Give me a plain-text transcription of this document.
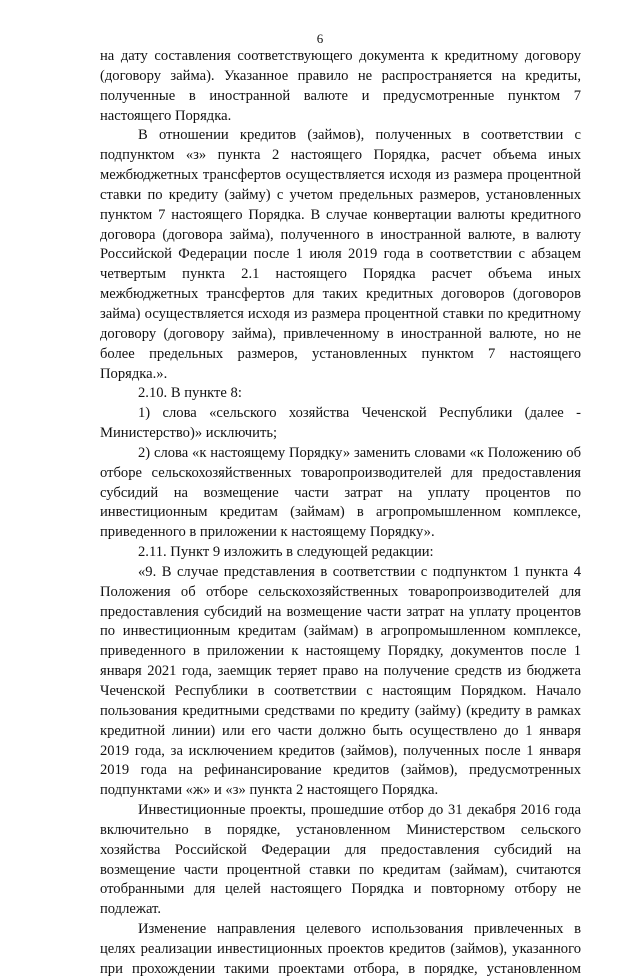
6

на дату составления соответствующего документа к кредитному договору (договору займа). Указанное правило не распространяется на кредиты, полученные в иностранной валюте и предусмотренные пунктом 7 настоящего Порядка.

В отношении кредитов (займов), полученных в соответствии с подпунктом «з» пункта 2 настоящего Порядка, расчет объема иных межбюджетных трансфертов осуществляется исходя из размера процентной ставки по кредиту (займу) с учетом предельных размеров, установленных пунктом 7 настоящего Порядка. В случае конвертации валюты кредитного договора (договора займа), полученного в иностранной валюте, в валюту Российской Федерации после 1 июля 2019 года в соответствии с абзацем четвертым пункта 2.1 настоящего Порядка расчет объема иных межбюджетных трансфертов для таких кредитных договоров (договоров займа) осуществляется исходя из размера процентной ставки по кредитному договору (договору займа), привлеченному в иностранной валюте, но не более предельных размеров, установленных пунктом 7 настоящего Порядка.».

2.10. В пункте 8:

1) слова «сельского хозяйства Чеченской Республики (далее - Министерство)» исключить;

2) слова «к настоящему Порядку» заменить словами «к Положению об отборе сельскохозяйственных товаропроизводителей для предоставления субсидий на возмещение части затрат на уплату процентов по инвестиционным кредитам (займам) в агропромышленном комплексе, приведенного в приложении к настоящему Порядку».

2.11. Пункт 9 изложить в следующей редакции:

«9. В случае представления в соответствии с подпунктом 1 пункта 4 Положения об отборе сельскохозяйственных товаропроизводителей для предоставления субсидий на возмещение части затрат на уплату процентов по инвестиционным кредитам (займам) в агропромышленном комплексе, приведенного в приложении к настоящему Порядку, документов после 1 января 2021 года, заемщик теряет право на получение средств из бюджета Чеченской Республики в соответствии с настоящим Порядком. Начало пользования кредитными средствами по кредиту (займу) (кредиту в рамках кредитной линии) или его части должно быть осуществлено до 1 января 2019 года, за исключением кредитов (займов), полученных после 1 января 2019 года на рефинансирование кредитов (займов), предусмотренных подпунктами «ж» и «з» пункта 2 настоящего Порядка.

Инвестиционные проекты, прошедшие отбор до 31 декабря 2016 года включительно в порядке, установленном Министерством сельского хозяйства Российской Федерации для предоставления субсидий на возмещение части процентной ставки по кредитам (займам), считаются отобранными для целей настоящего Порядка и повторному отбору не подлежат.

Изменение направления целевого использования привлеченных в целях реализации инвестиционных проектов кредитов (займов), указанного при прохождении такими проектами отбора, в порядке, установленном
